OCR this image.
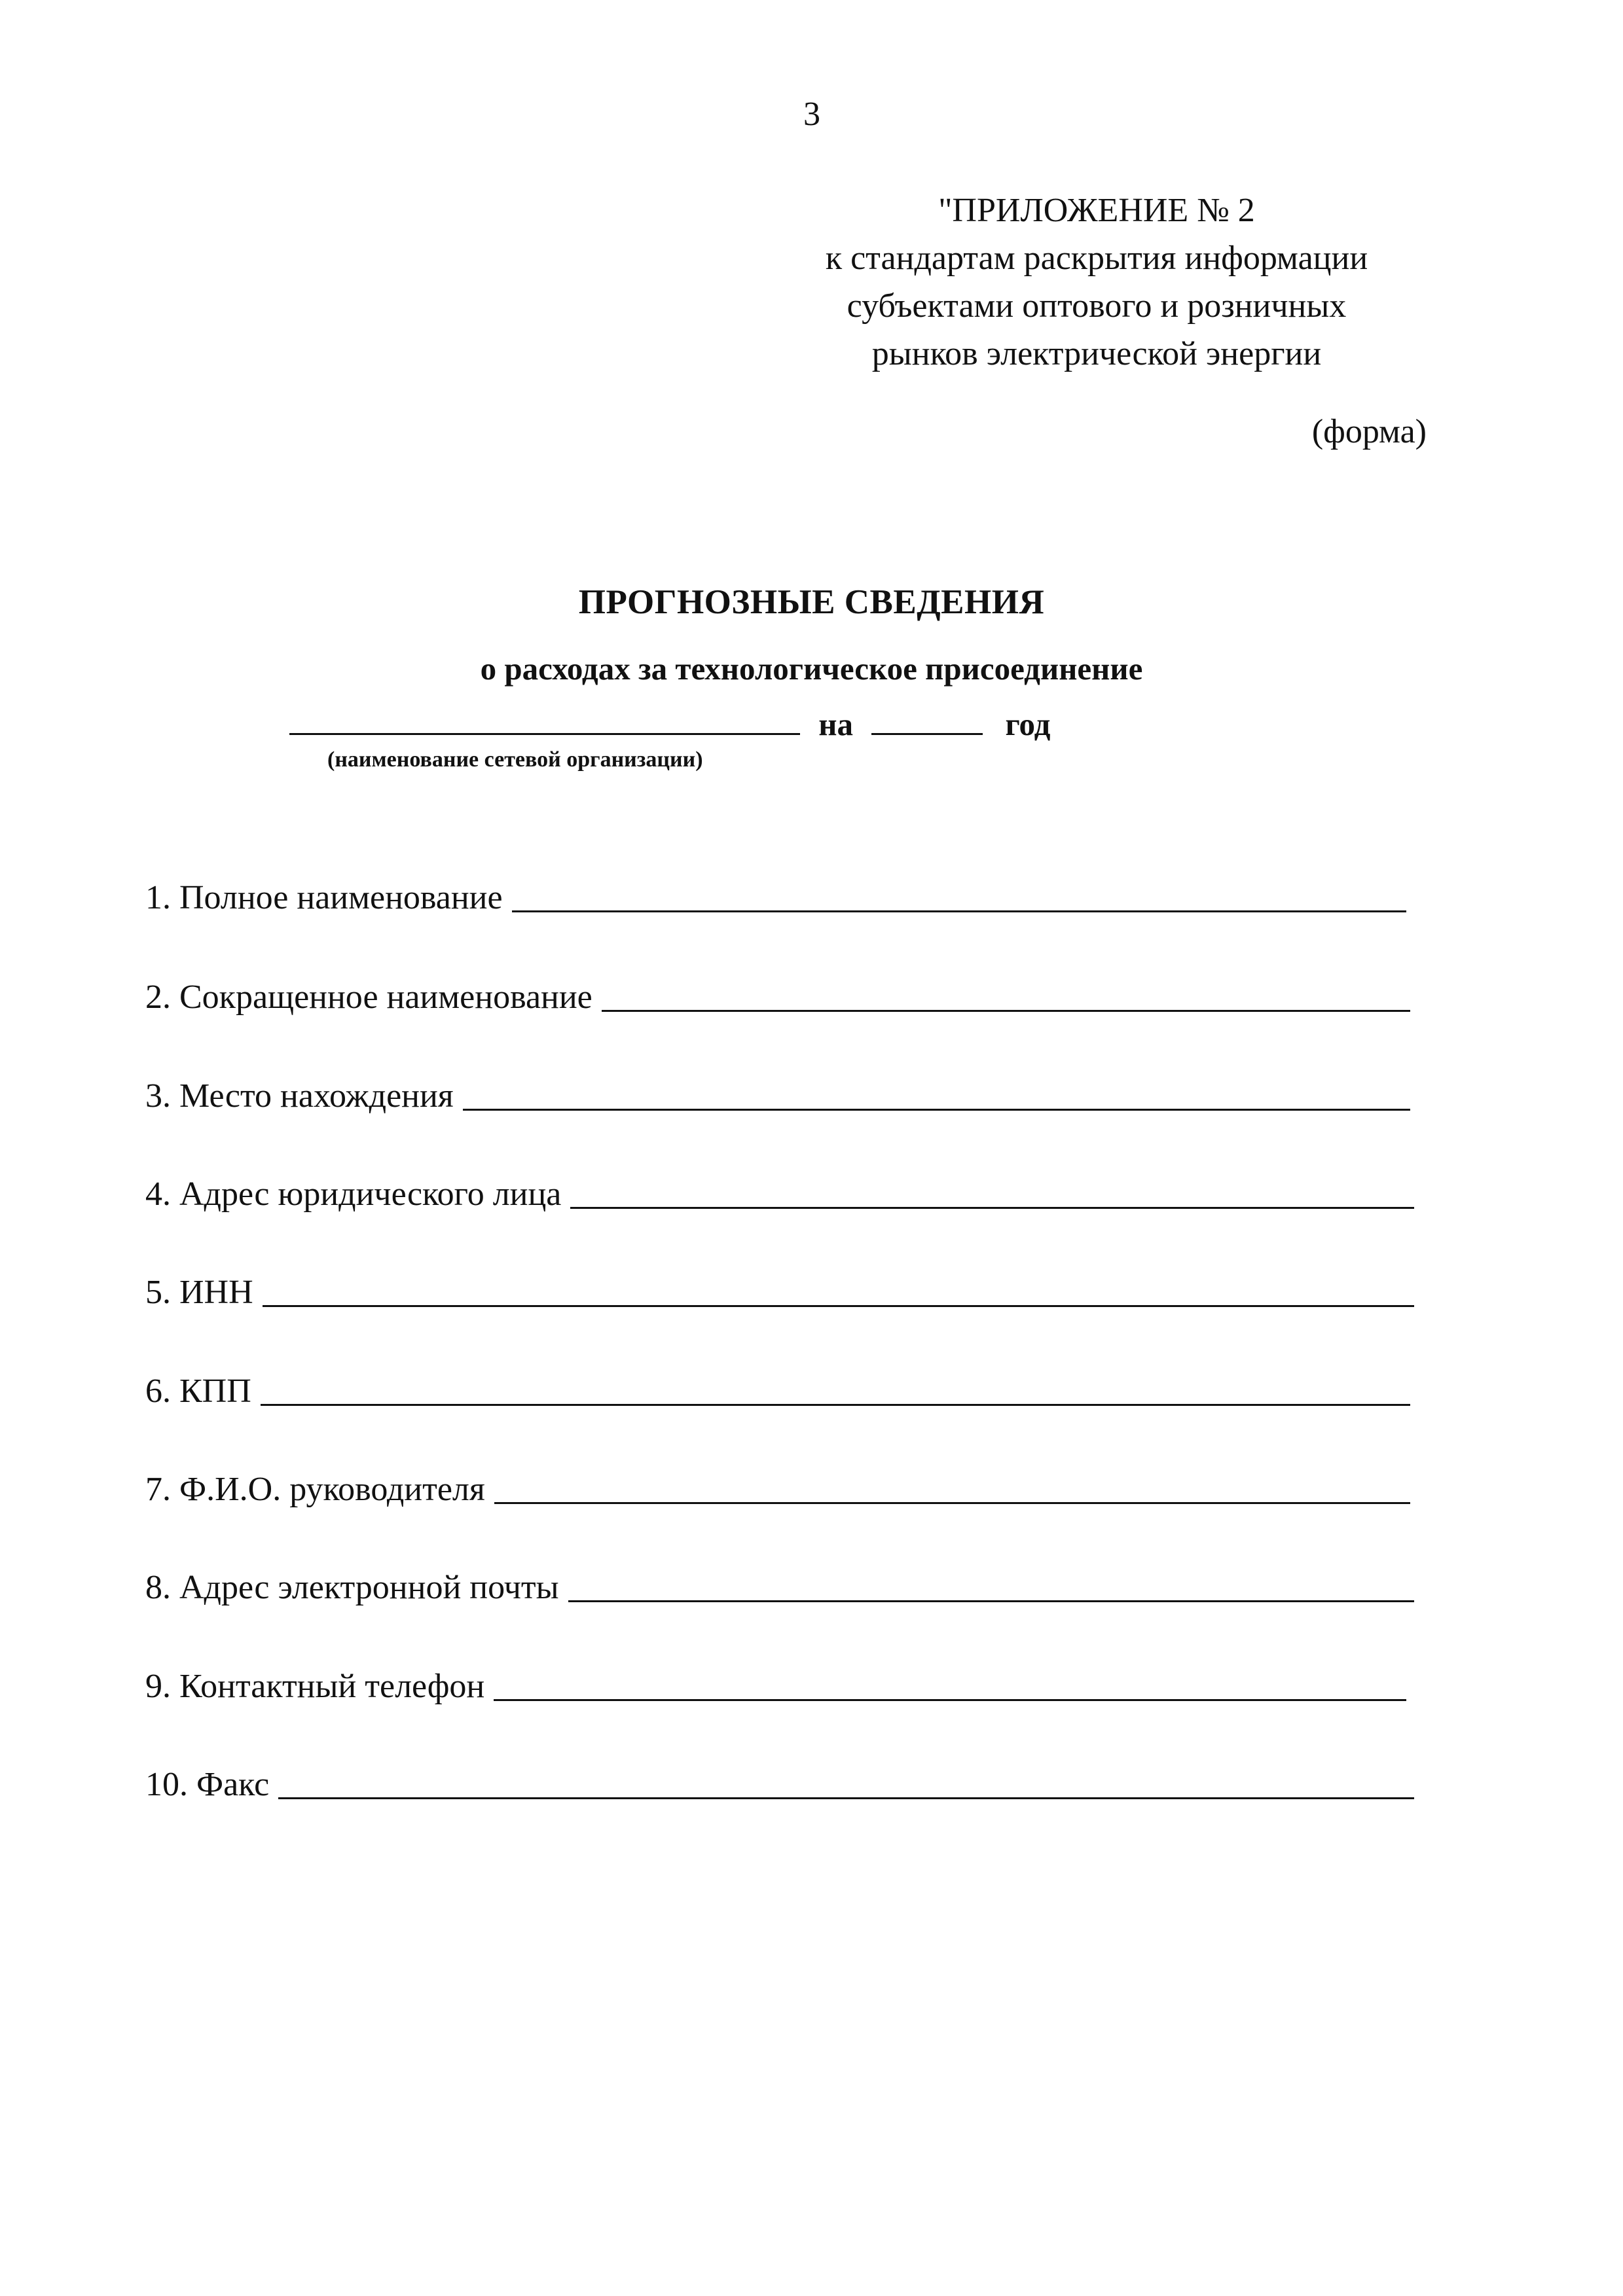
3
"ПРИЛОЖЕНИЕ № 2
к стандартам раскрытия информации
субъектами оптового и розничных
рынков электрической энергии
(форма)
ПРОГНОЗНЫЕ СВЕДЕНИЯ
о расходах за технологическое присоединение
на	год
(наименование сетевой организации)
1. Полное наименование
2. Сокращенное наименование
3. Место нахождения
4. Адрес юридического лица
5. ИНН
6. КПП
7. Ф.И.О. руководителя
8. Адрес электронной почты
9. Контактный телефон
10. Факс
